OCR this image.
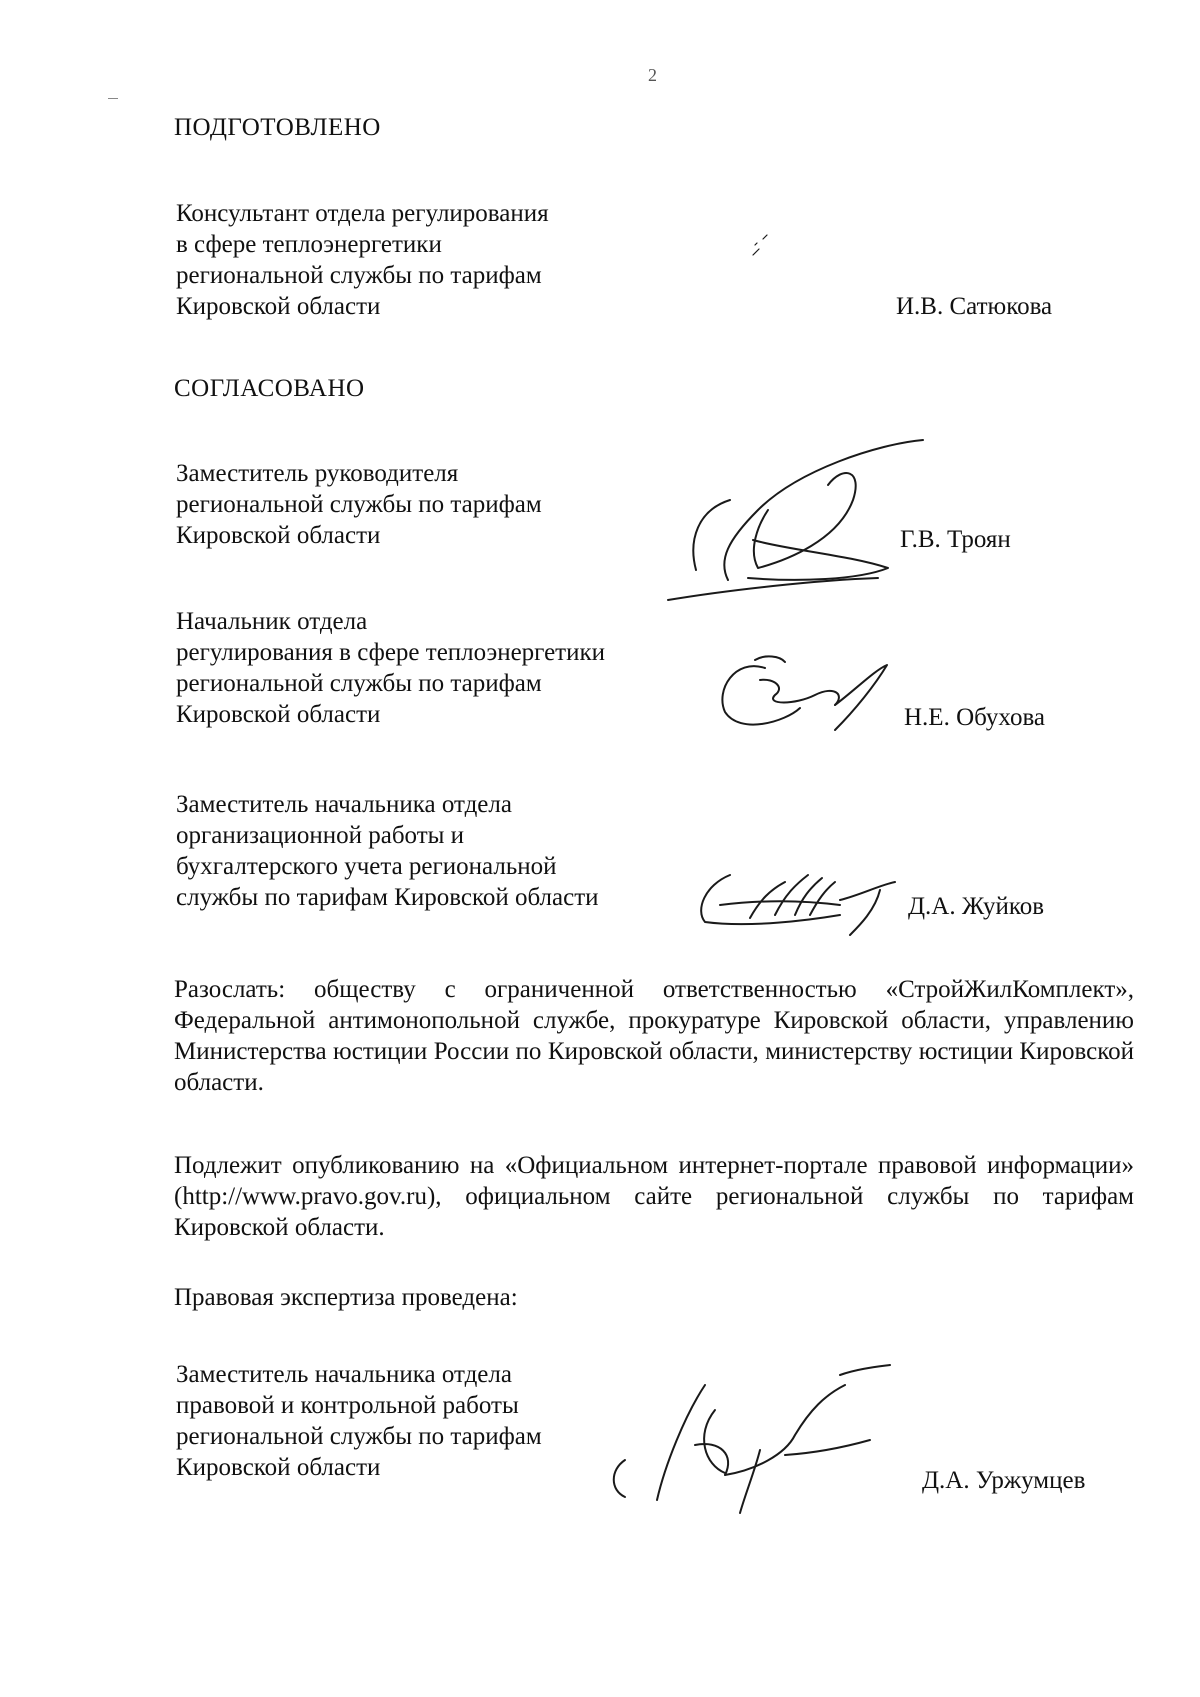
2
ПОДГОТОВЛЕНО
Консультант отдела регулирования
в сфере теплоэнергетики
региональной службы по тарифам
Кировской области	И.В. Сатюкова
СОГЛАСОВАНО
Заместитель руководителя
региональной службы по тарифам
Кировской области	Г.В. Троян
Начальник отдела
регулирования в сфере теплоэнергетики
региональной службы по тарифам
Кировской области	Н.Е. Обухова
Заместитель начальника отдела
организационной работы и
бухгалтерского учета региональной
службы по тарифам Кировской области	Д.А. Жуйков
Разослать: обществу с ограниченной ответственностью «СтройЖилКомплект», Федеральной антимонопольной службе, прокуратуре Кировской области, управлению Министерства юстиции России по Кировской области, министерству юстиции Кировской области.
Подлежит опубликованию на «Официальном интернет-портале правовой информации» (http://www.pravo.gov.ru), официальном сайте региональной службы по тарифам Кировской области.
Правовая экспертиза проведена:
Заместитель начальника отдела
правовой и контрольной работы
региональной службы по тарифам
Кировской области	Д.А. Уржумцев
